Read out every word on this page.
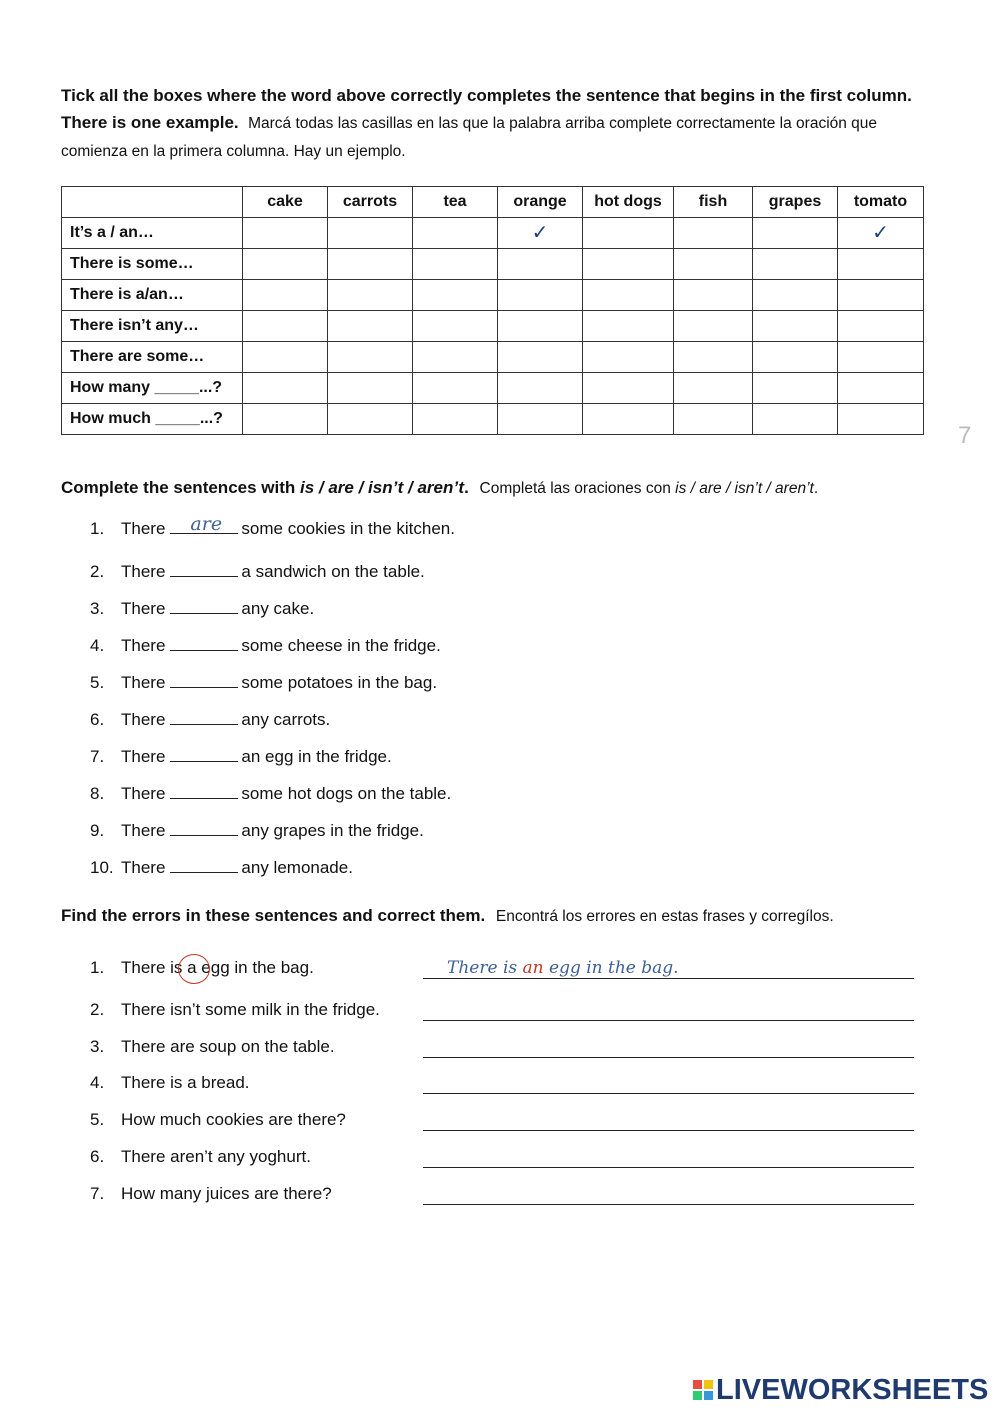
Tick all the boxes where the word above correctly completes the sentence that begins in the first column.  There is one example. Marcá todas las casillas en las que la palabra arriba complete correctamente la oración que comienza en la primera columna. Hay un ejemplo.
	cake	carrots	tea	orange	hot dogs	fish	grapes	tomato
It’s a / an…				✓				✓
There is some…								
There is a/an…								
There isn’t any…								
There are some…								
How many _____...?								
How much _____...?								
7
Complete the sentences with is / are / isn’t / aren’t. Completá las oraciones con is / are / isn’t / aren’t.
1. There are some cookies in the kitchen.
2. There	a sandwich on the table.
3. There	any cake.
4. There	some cheese in the fridge.
5. There	some potatoes in the bag.
6. There	any carrots.
7. There	an egg in the fridge.
8. There	some hot dogs on the table.
9. There	any grapes in the fridge.
10. There	any lemonade.
Find the errors in these sentences and correct them. Encontrá los errores en estas frases y corregílos.
1. There is a egg in the bag.
2. There isn’t some milk in the fridge.
3. There are soup on the table.
4. There is a bread.
5. How much cookies are there?
6. There aren’t any yoghurt.
7. How many juices are there?
There is an egg in the bag.
LIVEWORKSHEETS
